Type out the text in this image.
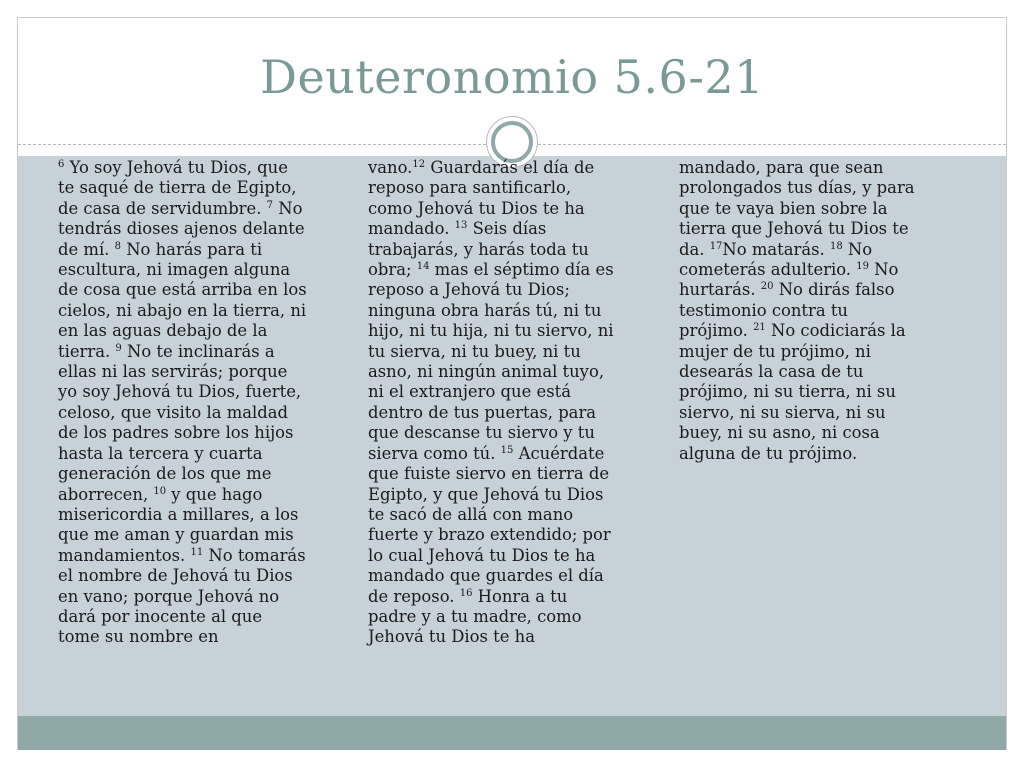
Deuteronomio 5.6-21
$^6$ Yo soy Jehová tu Dios, que
te saqué de tierra de Egipto,
de casa de servidumbre. $^7$ No
tendrás dioses ajenos delante
de mí. $^8$ No harás para ti
escultura, ni imagen alguna
de cosa que está arriba en los
cielos, ni abajo en la tierra, ni
en las aguas debajo de la
tierra. $^9$ No te inclinarás a
ellas ni las servirás; porque
yo soy Jehová tu Dios, fuerte,
celoso, que visito la maldad
de los padres sobre los hijos
hasta la tercera y cuarta
generación de los que me
aborrecen, $^{10}$ y que hago
misericordia a millares, a los
que me aman y guardan mis
mandamientos. $^{11}$ No tomarás
el nombre de Jehová tu Dios
en vano; porque Jehová no
dará por inocente al que
tome su nombre en
vano.$^{12}$ Guardarás el día de
reposo para santificarlo,
como Jehová tu Dios te ha
mandado. $^{13}$ Seis días
trabajarás, y harás toda tu
obra; $^{14}$ mas el séptimo día es
reposo a Jehová tu Dios;
ninguna obra harás tú, ni tu
hijo, ni tu hija, ni tu siervo, ni
tu sierva, ni tu buey, ni tu
asno, ni ningún animal tuyo,
ni el extranjero que está
dentro de tus puertas, para
que descanse tu siervo y tu
sierva como tú. $^{15}$ Acuérdate
que fuiste siervo en tierra de
Egipto, y que Jehová tu Dios
te sacó de allá con mano
fuerte y brazo extendido; por
lo cual Jehová tu Dios te ha
mandado que guardes el día
de reposo. $^{16}$ Honra a tu
padre y a tu madre, como
Jehová tu Dios te ha
mandado, para que sean
prolongados tus días, y para
que te vaya bien sobre la
tierra que Jehová tu Dios te
da. $^{17}$No matarás. $^{18}$ No
cometerás adulterio. $^{19}$ No
hurtarás. $^{20}$ No dirás falso
testimonio contra tu
prójimo. $^{21}$ No codiciarás la
mujer de tu prójimo, ni
desearás la casa de tu
prójimo, ni su tierra, ni su
siervo, ni su sierva, ni su
buey, ni su asno, ni cosa
alguna de tu prójimo.
